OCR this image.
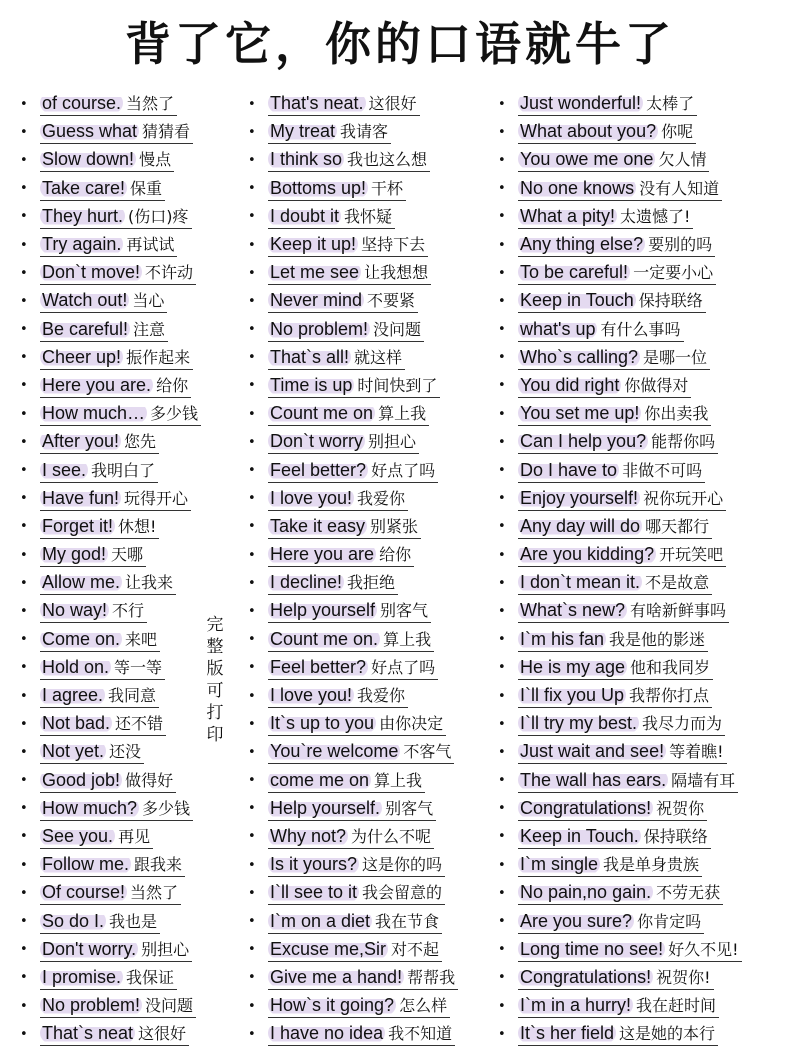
背了它，你的口语就牛了
• of course. 当然了
• Guess what 猜猜看
• Slow down! 慢点
• Take care! 保重
• They hurt. (伤口)疼
• Try again. 再试试
• Don`t move! 不许动
• Watch out! 当心
• Be careful! 注意
• Cheer up! 振作起来
• Here you are. 给你
• How much… 多少钱
• After you! 您先
• I see. 我明白了
• Have fun! 玩得开心
• Forget it! 休想!
• My god! 天哪
• Allow me. 让我来
• No way! 不行
• Come on. 来吧
• Hold on. 等一等
• I agree. 我同意
• Not bad. 还不错
• Not yet. 还没
• Good job! 做得好
• How much? 多少钱
• See you. 再见
• Follow me. 跟我来
• Of course! 当然了
• So do I. 我也是
• Don't worry. 别担心
• I promise. 我保证
• No problem! 没问题
• That`s neat 这很好
• That's neat. 这很好
• My treat 我请客
• I think so 我也这么想
• Bottoms up! 干杯
• I doubt it 我怀疑
• Keep it up! 坚持下去
• Let me see 让我想想
• Never mind 不要紧
• No problem! 没问题
• That`s all! 就这样
• Time is up 时间快到了
• Count me on 算上我
• Don`t worry 别担心
• Feel better? 好点了吗
• I love you! 我爱你
• Take it easy 别紧张
• Here you are 给你
• I decline! 我拒绝
• Help yourself 别客气
• Count me on. 算上我
• Feel better? 好点了吗
• I love you! 我爱你
• It`s up to you 由你决定
• You`re welcome 不客气
• come me on 算上我
• Help yourself. 别客气
• Why not? 为什么不呢
• Is it yours? 这是你的吗
• I`ll see to it 我会留意的
• I`m on a diet 我在节食
• Excuse me,Sir 对不起
• Give me a hand! 帮帮我
• How`s it going? 怎么样
• I have no idea 我不知道
• Just wonderful! 太棒了
• What about you? 你呢
• You owe me one 欠人情
• No one knows 没有人知道
• What a pity! 太遗憾了!
• Any thing else? 要别的吗
• To be careful! 一定要小心
• Keep in Touch 保持联络
• what's up 有什么事吗
• Who`s calling? 是哪一位
• You did right 你做得对
• You set me up! 你出卖我
• Can I help you? 能帮你吗
• Do I have to 非做不可吗
• Enjoy yourself! 祝你玩开心
• Any day will do 哪天都行
• Are you kidding? 开玩笑吧
• I don`t mean it. 不是故意
• What`s new? 有啥新鲜事吗
• I`m his fan 我是他的影迷
• He is my age 他和我同岁
• I`ll fix you Up 我帮你打点
• I`ll try my best. 我尽力而为
• Just wait and see! 等着瞧!
• The wall has ears. 隔墙有耳
• Congratulations! 祝贺你
• Keep in Touch. 保持联络
• I`m single 我是单身贵族
• No pain,no gain. 不劳无获
• Are you sure? 你肯定吗
• Long time no see! 好久不见!
• Congratulations! 祝贺你!
• I`m in a hurry! 我在赶时间
• It`s her field 这是她的本行
完整版可打印
